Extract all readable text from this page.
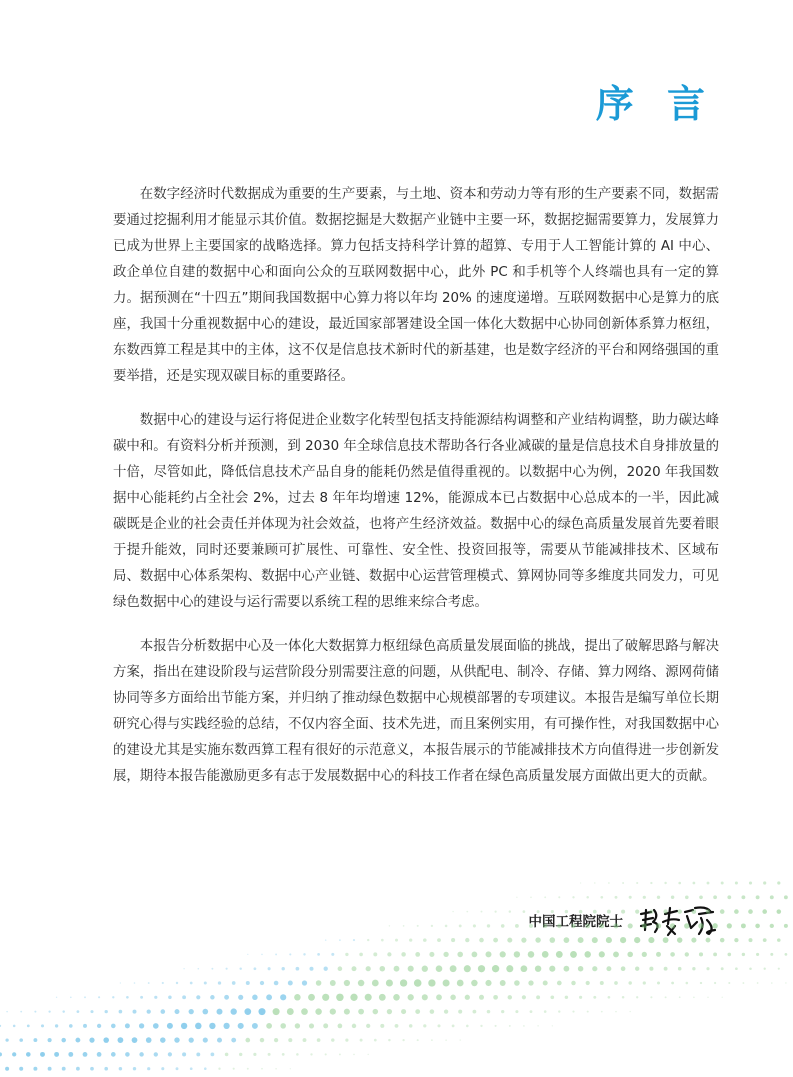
序 言

在数字经济时代数据成为重要的生产要素，与土地、资本和劳动力等有形的生产要素不同，数据需要通过挖掘利用才能显示其价值。数据挖掘是大数据产业链中主要一环，数据挖掘需要算力，发展算力已成为世界上主要国家的战略选择。算力包括支持科学计算的超算、专用于人工智能计算的 AI 中心、政企单位自建的数据中心和面向公众的互联网数据中心，此外 PC 和手机等个人终端也具有一定的算力。据预测在“十四五”期间我国数据中心算力将以年均 20% 的速度递增。互联网数据中心是算力的底座，我国十分重视数据中心的建设，最近国家部署建设全国一体化大数据中心协同创新体系算力枢纽，东数西算工程是其中的主体，这不仅是信息技术新时代的新基建，也是数字经济的平台和网络强国的重要举措，还是实现双碳目标的重要路径。

数据中心的建设与运行将促进企业数字化转型包括支持能源结构调整和产业结构调整，助力碳达峰碳中和。有资料分析并预测，到 2030 年全球信息技术帮助各行各业减碳的量是信息技术自身排放量的十倍，尽管如此，降低信息技术产品自身的能耗仍然是值得重视的。以数据中心为例，2020 年我国数据中心能耗约占全社会 2%，过去 8 年年均增速 12%，能源成本已占数据中心总成本的一半，因此减碳既是企业的社会责任并体现为社会效益，也将产生经济效益。数据中心的绿色高质量发展首先要着眼于提升能效，同时还要兼顾可扩展性、可靠性、安全性、投资回报等，需要从节能减排技术、区域布局、数据中心体系架构、数据中心产业链、数据中心运营管理模式、算网协同等多维度共同发力，可见绿色数据中心的建设与运行需要以系统工程的思维来综合考虑。

本报告分析数据中心及一体化大数据算力枢纽绿色高质量发展面临的挑战，提出了破解思路与解决方案，指出在建设阶段与运营阶段分别需要注意的问题，从供配电、制冷、存储、算力网络、源网荷储协同等多方面给出节能方案，并归纳了推动绿色数据中心规模部署的专项建议。本报告是编写单位长期研究心得与实践经验的总结，不仅内容全面、技术先进，而且案例实用，有可操作性，对我国数据中心的建设尤其是实施东数西算工程有很好的示范意义，本报告展示的节能减排技术方向值得进一步创新发展，期待本报告能激励更多有志于发展数据中心的科技工作者在绿色高质量发展方面做出更大的贡献。

中国工程院院士
